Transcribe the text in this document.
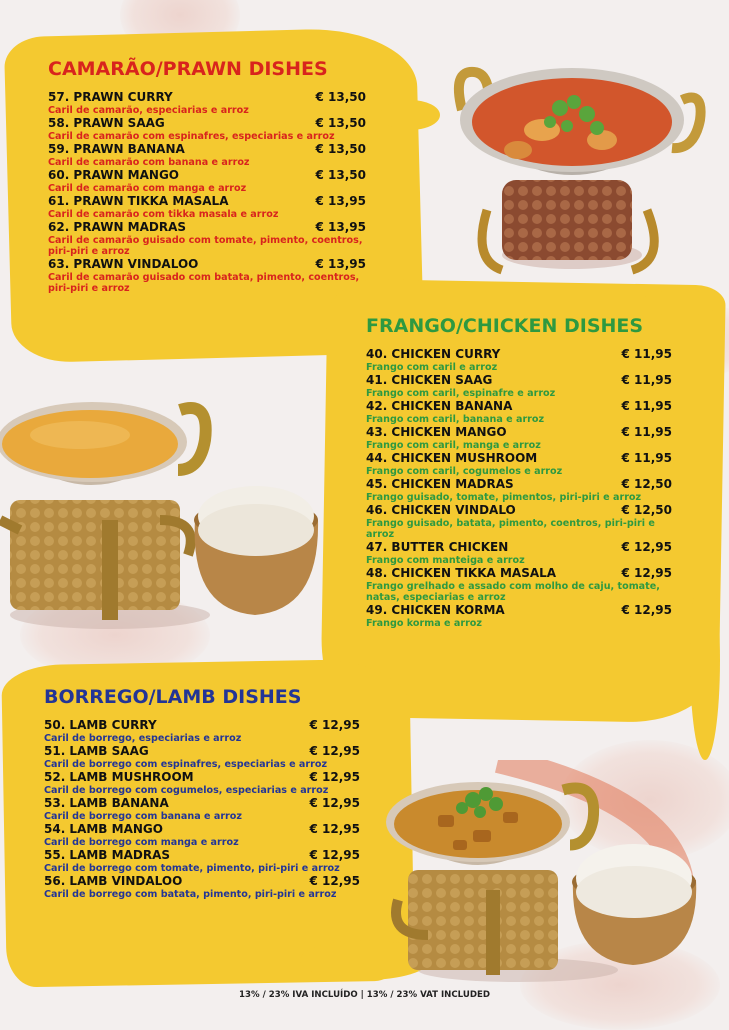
CAMARÃO/PRAWN DISHES
57. PRAWN CURRY	€ 13,50
Caril de camarão, especiarias e arroz
58. PRAWN SAAG	€ 13,50
Caril de camarão com espinafres, especiarias e arroz
59. PRAWN BANANA	€ 13,50
Caril de camarão com banana e arroz
60. PRAWN MANGO	€ 13,50
Caril de camarão com manga e arroz
61. PRAWN TIKKA MASALA	€ 13,95
Caril de camarão com tikka masala e arroz
62. PRAWN MADRAS	€ 13,95
Caril de camarão guisado com tomate, pimento, coentros, piri-piri e arroz
63. PRAWN VINDALOO	€ 13,95
Caril de camarão guisado com batata, pimento, coentros, piri-piri e arroz
FRANGO/CHICKEN DISHES
40. CHICKEN CURRY	€ 11,95
Frango com caril e arroz
41. CHICKEN SAAG	€ 11,95
Frango com caril, espinafre e arroz
42. CHICKEN BANANA	€ 11,95
Frango com caril, banana e arroz
43. CHICKEN MANGO	€ 11,95
Frango com caril, manga e arroz
44. CHICKEN MUSHROOM	€ 11,95
Frango com caril, cogumelos e arroz
45. CHICKEN MADRAS	€ 12,50
Frango guisado, tomate, pimentos, piri-piri e arroz
46. CHICKEN VINDALO	€ 12,50
Frango guisado, batata, pimento, coentros, piri-piri e arroz
47. BUTTER CHICKEN	€ 12,95
Frango com manteiga e arroz
48. CHICKEN TIKKA MASALA	€ 12,95
Frango grelhado e assado com molho de caju, tomate, natas, especiarias e arroz
49. CHICKEN KORMA	€ 12,95
Frango korma e arroz
BORREGO/LAMB DISHES
50. LAMB CURRY	€ 12,95
Caril de borrego, especiarias e arroz
51. LAMB SAAG	€ 12,95
Caril de borrego com espinafres, especiarias e arroz
52. LAMB MUSHROOM	€ 12,95
Caril de borrego com cogumelos, especiarias e arroz
53. LAMB BANANA	€ 12,95
Caril de borrego com banana e arroz
54. LAMB MANGO	€ 12,95
Caril de borrego com manga e arroz
55. LAMB MADRAS	€ 12,95
Caril de borrego com tomate, pimento, piri-piri e arroz
56. LAMB VINDALOO	€ 12,95
Caril de borrego com batata, pimento, piri-piri e arroz
13% / 23% IVA INCLUÍDO | 13% / 23% VAT INCLUDED
